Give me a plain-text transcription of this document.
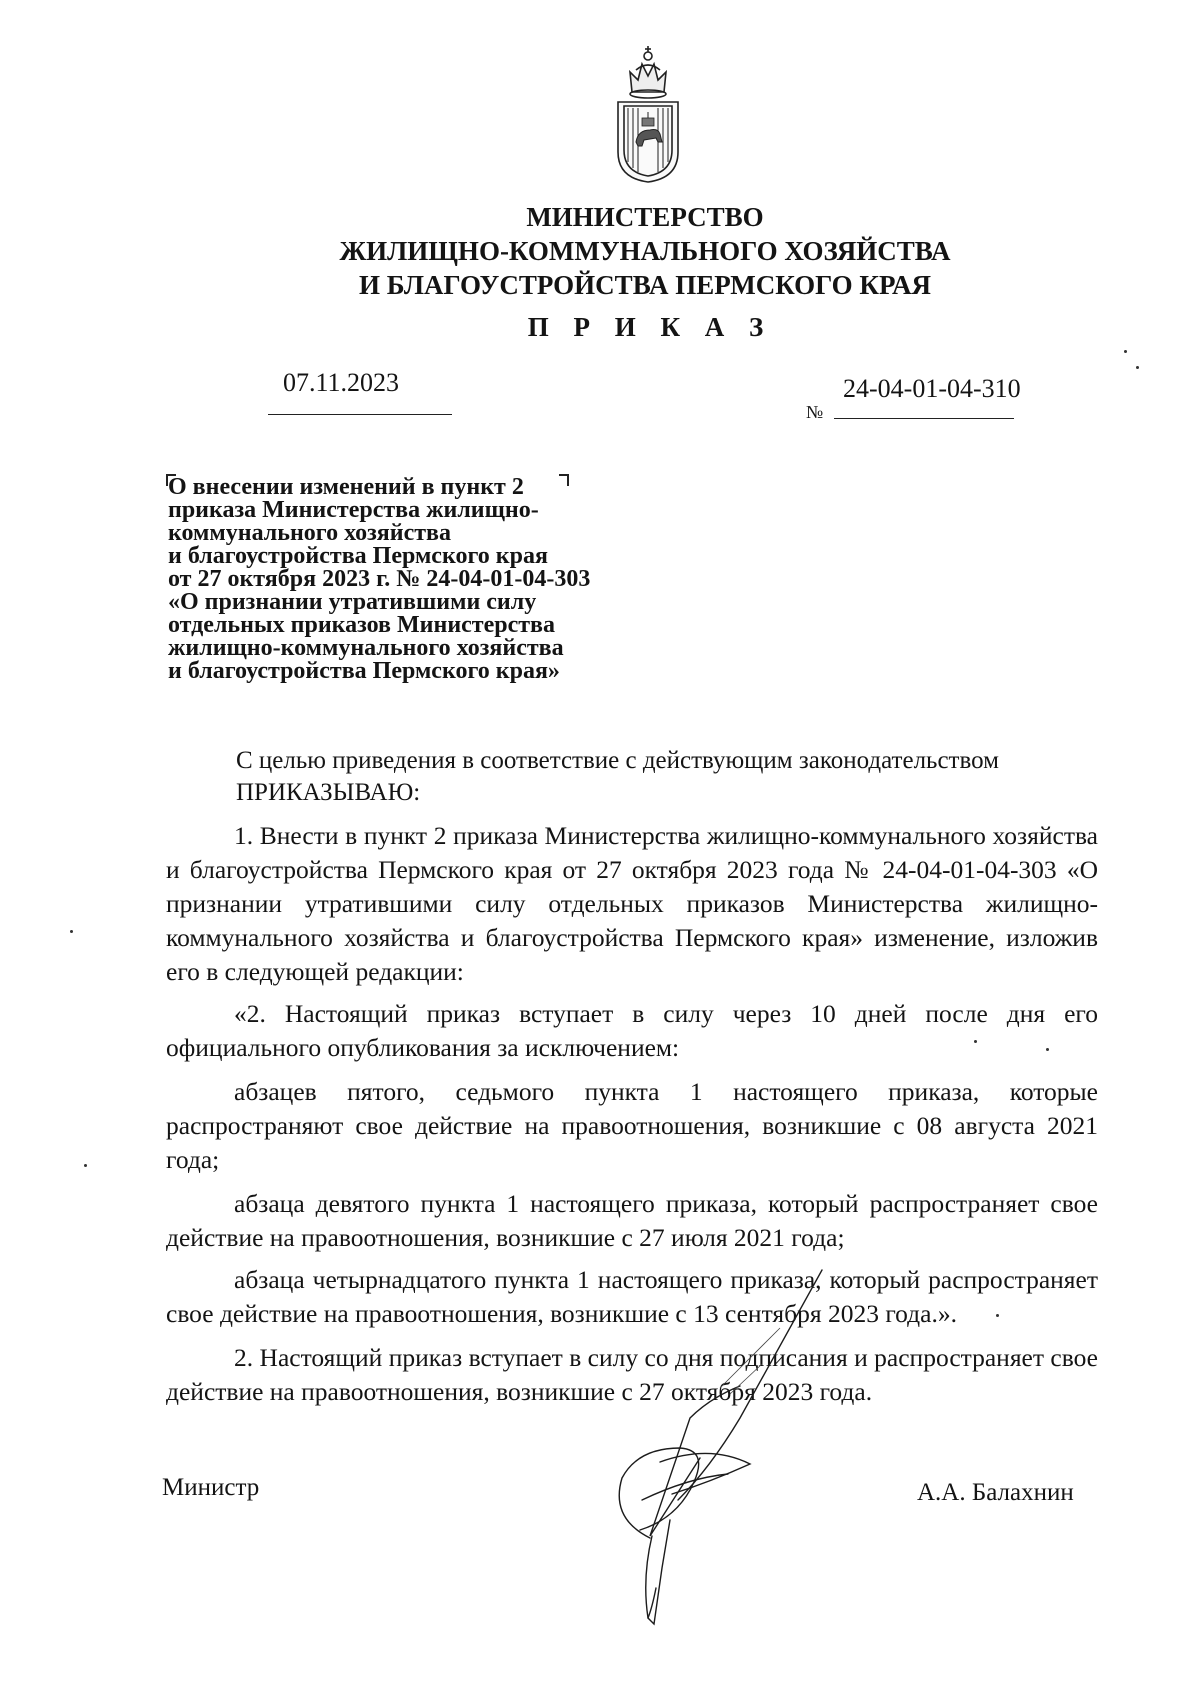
МИНИСТЕРСТВО
ЖИЛИЩНО-КОММУНАЛЬНОГО ХОЗЯЙСТВА
И БЛАГОУСТРОЙСТВА ПЕРМСКОГО КРАЯ
П Р И К А З
07.11.2023	24-04-01-04-310
№
О внесении изменений в пункт 2
приказа Министерства жилищно-
коммунального хозяйства
и благоустройства Пермского края
от 27 октября 2023 г. № 24-04-01-04-303
«О признании утратившими силу
отдельных приказов Министерства
жилищно-коммунального хозяйства
и благоустройства Пермского края»
С целью приведения в соответствие с действующим законодательством
ПРИКАЗЫВАЮ:

1. Внести в пункт 2 приказа Министерства жилищно-коммунального хозяйства и благоустройства Пермского края от 27 октября 2023 года № 24-04-01-04-303 «О признании утратившими силу отдельных приказов Министерства жилищно-коммунального хозяйства и благоустройства Пермского края» изменение, изложив его в следующей редакции:

«2. Настоящий приказ вступает в силу через 10 дней после дня его официального опубликования за исключением:

абзацев пятого, седьмого пункта 1 настоящего приказа, которые распространяют свое действие на правоотношения, возникшие с 08 августа 2021 года;

абзаца девятого пункта 1 настоящего приказа, который распространяет свое действие на правоотношения, возникшие с 27 июля 2021 года;

абзаца четырнадцатого пункта 1 настоящего приказа, который распространяет свое действие на правоотношения, возникшие с 13 сентября 2023 года.».

2. Настоящий приказ вступает в силу со дня подписания и распространяет свое действие на правоотношения, возникшие с 27 октября 2023 года.

Министр	А.А. Балахнин
